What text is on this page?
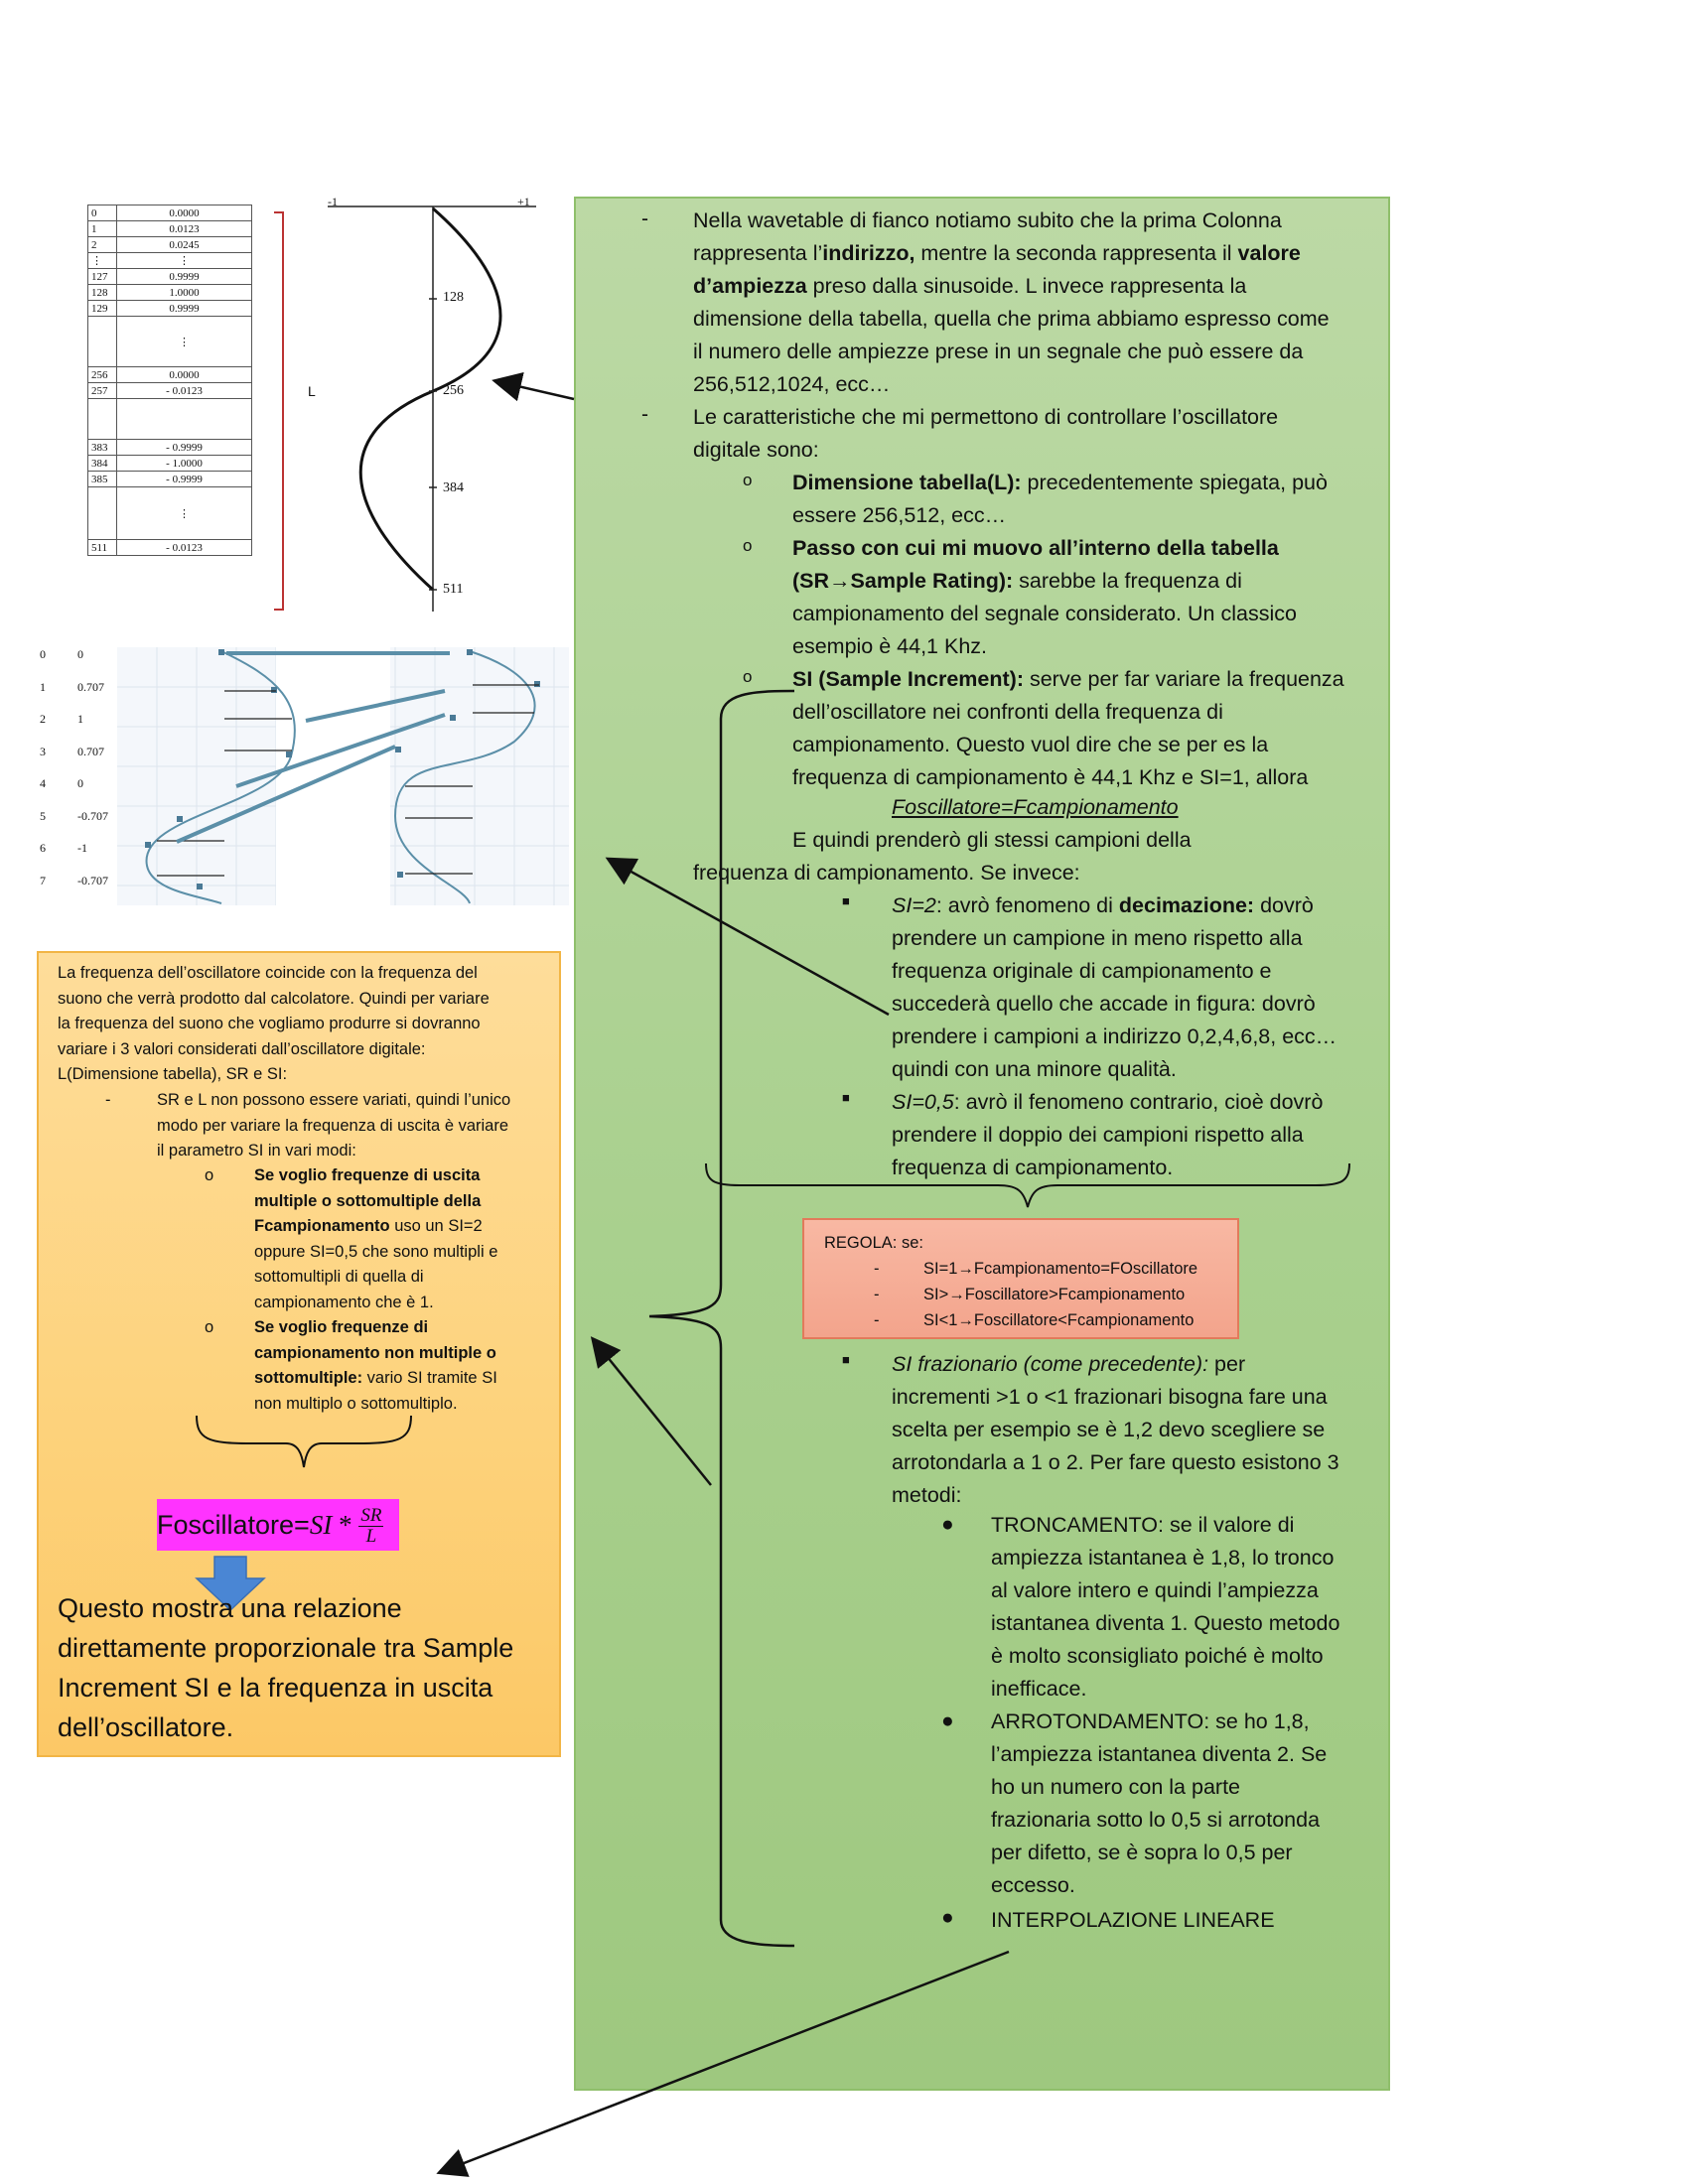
0	0.0000
1	0.0123
2	0.0245
⋮	⋮
127	0.9999
128	1.0000
129	0.9999
	⋮
256	0.0000
257	- 0.0123

383	- 0.9999
384	- 1.0000
385	- 0.9999
	⋮
511	- 0.0123
L
-1	+1
128
256
384
511
0	0
1	0.707
2	1
3	0.707
4	0
5	-0.707
6	-1
7	-0.707
- Nella wavetable di fianco notiamo subito che la prima Colonna
rappresenta l’indirizzo, mentre la seconda rappresenta il valore
d’ampiezza preso dalla sinusoide. L invece rappresenta la
dimensione della tabella, quella che prima abbiamo espresso come
il numero delle ampiezze prese in un segnale che può essere da
256,512,1024, ecc…
- Le caratteristiche che mi permettono di controllare l’oscillatore
digitale sono:
o Dimensione tabella(L): precedentemente spiegata, può
essere 256,512, ecc…
o Passo con cui mi muovo all’interno della tabella
(SR→Sample Rating): sarebbe la frequenza di
campionamento del segnale considerato. Un classico
esempio è 44,1 Khz.
o SI (Sample Increment): serve per far variare la frequenza
dell’oscillatore nei confronti della frequenza di
campionamento. Questo vuol dire che se per es la
frequenza di campionamento è 44,1 Khz e SI=1, allora
Foscillatore=Fcampionamento
E quindi prenderò gli stessi campioni della
frequenza di campionamento. Se invece:
■ SI=2: avrò fenomeno di decimazione: dovrò
prendere un campione in meno rispetto alla
frequenza originale di campionamento e
succederà quello che accade in figura: dovrò
prendere i campioni a indirizzo 0,2,4,6,8, ecc…
quindi con una minore qualità.
■ SI=0,5: avrò il fenomeno contrario, cioè dovrò
prendere il doppio dei campioni rispetto alla
frequenza di campionamento.
REGOLA: se:
-	SI=1→Fcampionamento=FOscillatore
-	SI>→Foscillatore>Fcampionamento
-	SI<1→Foscillatore<Fcampionamento
■ SI frazionario (come precedente): per
incrementi >1 o <1 frazionari bisogna fare una
scelta per esempio se è 1,2 devo scegliere se
arrotondarla a 1 o 2. Per fare questo esistono 3
metodi:
● TRONCAMENTO: se il valore di
ampiezza istantanea è 1,8, lo tronco
al valore intero e quindi l’ampiezza
istantanea diventa 1. Questo metodo
è molto sconsigliato poiché è molto
inefficace.
● ARROTONDAMENTO: se ho 1,8,
l’ampiezza istantanea diventa 2. Se
ho un numero con la parte
frazionaria sotto lo 0,5 si arrotonda
per difetto, se è sopra lo 0,5 per
eccesso.
● INTERPOLAZIONE LINEARE
La frequenza dell’oscillatore coincide con la frequenza del
suono che verrà prodotto dal calcolatore. Quindi per variare
la frequenza del suono che vogliamo produrre si dovranno
variare i 3 valori considerati dall’oscillatore digitale:
L(Dimensione tabella), SR e SI:
-	SR e L non possono essere variati, quindi l’unico
modo per variare la frequenza di uscita è variare
il parametro SI in vari modi:
o Se voglio frequenze di uscita
multiple o sottomultiple della
Fcampionamento uso un SI=2
oppure SI=0,5 che sono multipli e
sottomultipli di quella di
campionamento che è 1.
o Se voglio frequenze di
campionamento non multiple o
sottomultiple: vario SI tramite SI
non multiplo o sottomultiplo.
Foscillatore=SI * $\frac{SR}{L}$
Questo mostra una relazione
direttamente proporzionale tra Sample
Increment SI e la frequenza in uscita
dell’oscillatore.
